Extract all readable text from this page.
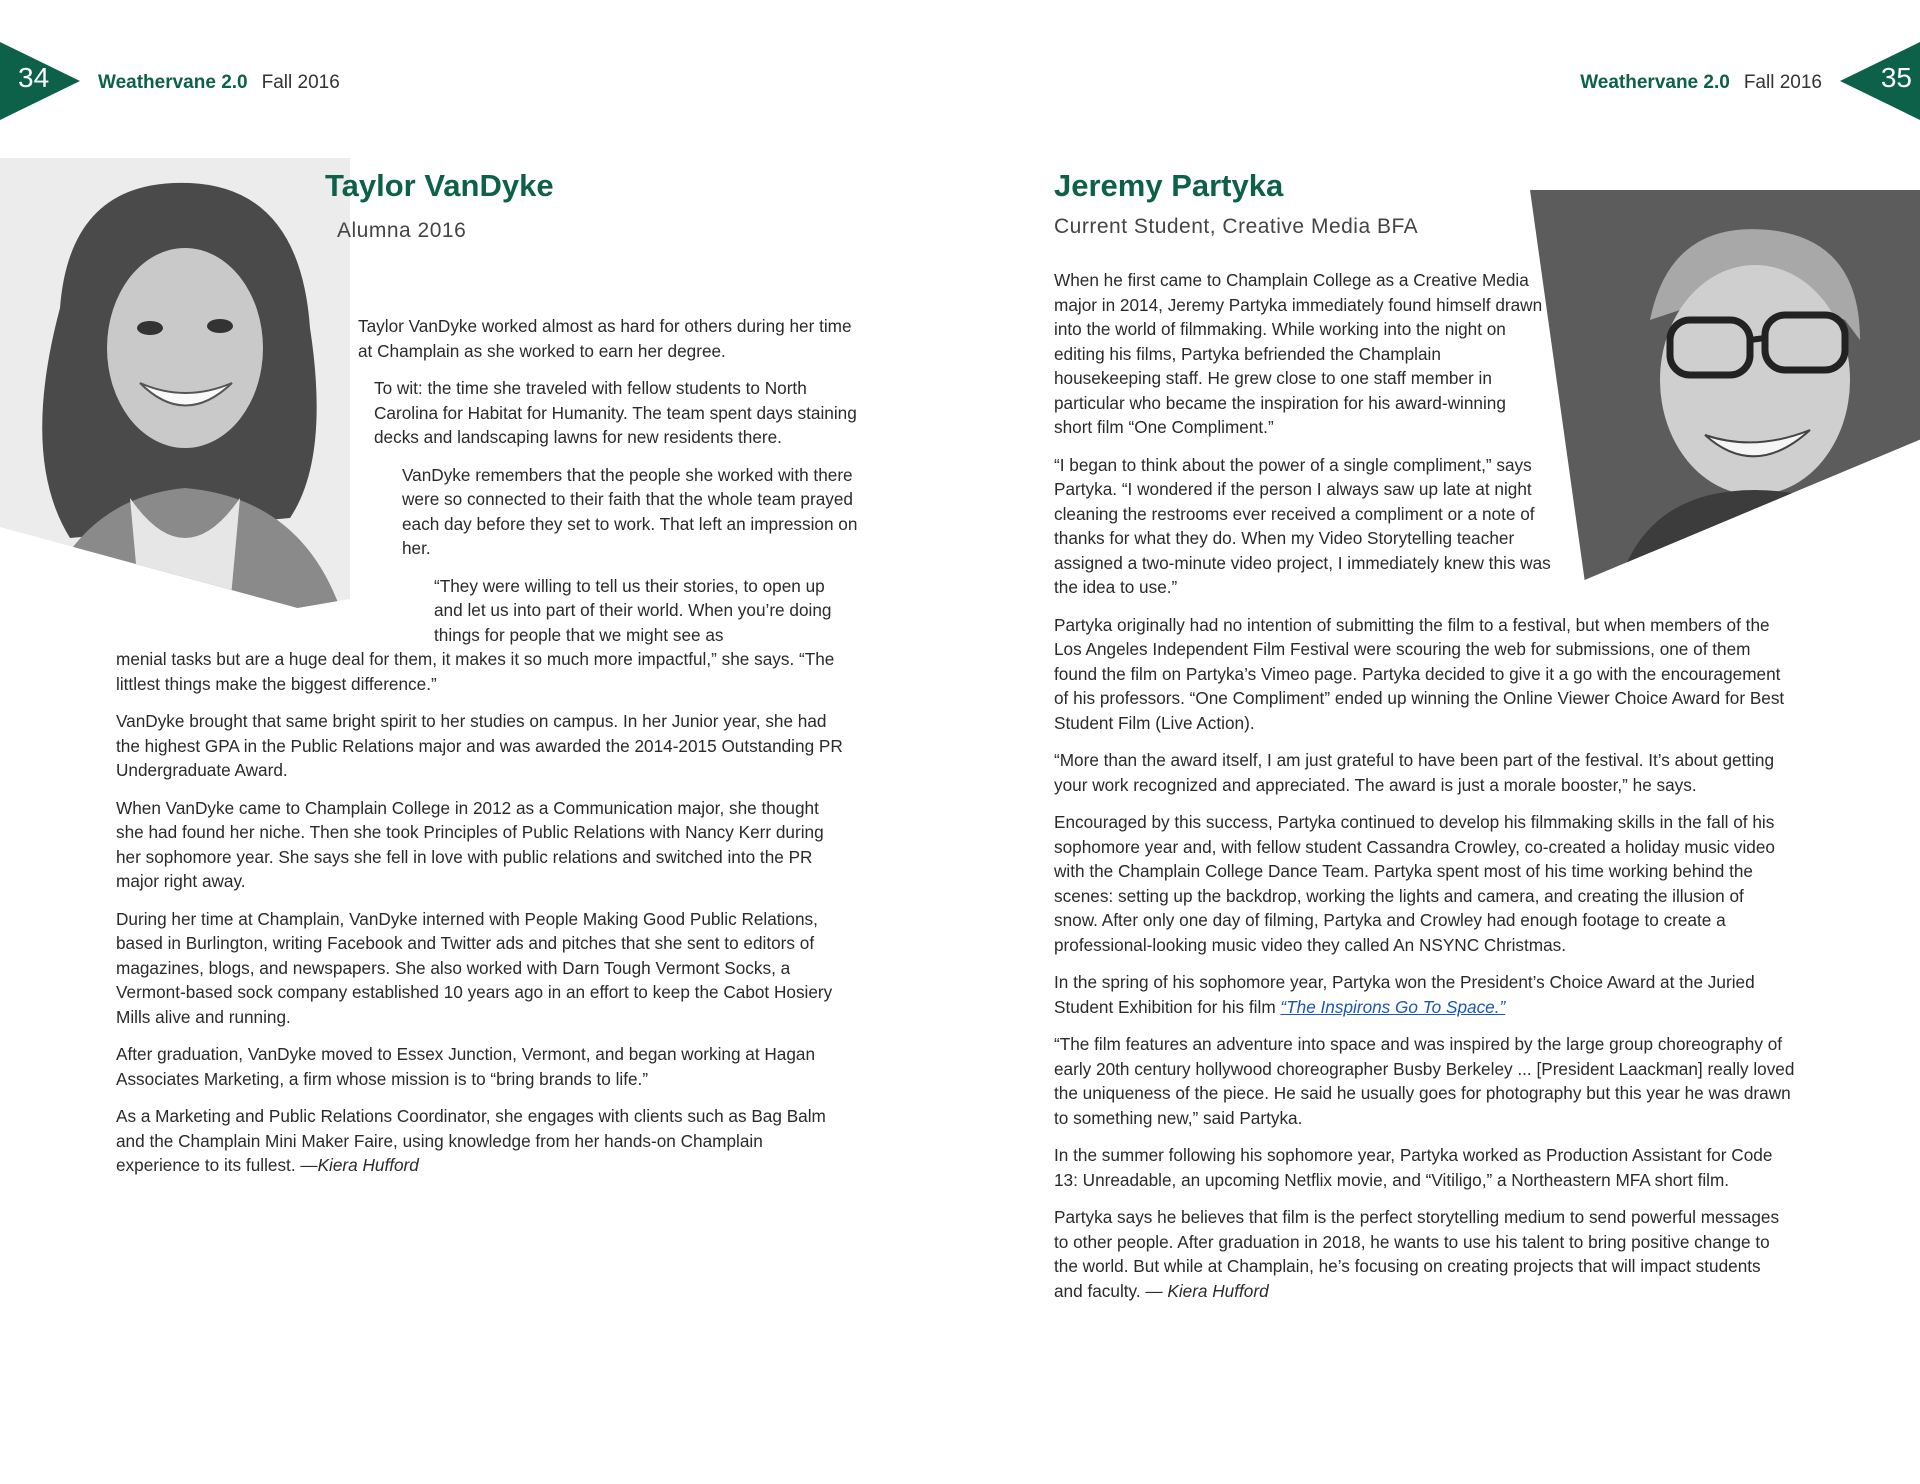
34	Weathervane 2.0 Fall 2016
Taylor VanDyke
Alumna 2016

Taylor VanDyke worked almost as hard for others during her time at Champlain as she worked to earn her degree.

To wit: the time she traveled with fellow students to North Carolina for Habitat for Humanity. The team spent days staining decks and landscaping lawns for new residents there.

VanDyke remembers that the people she worked with there were so connected to their faith that the whole team prayed each day before they set to work. That left an impression on her.

“They were willing to tell us their stories, to open up and let us into part of their world. When you’re doing things for people that we might see as
menial tasks but are a huge deal for them, it makes it so much more impactful,” she says. “The littlest things make the biggest difference.”

VanDyke brought that same bright spirit to her studies on campus. In her Junior year, she had the highest GPA in the Public Relations major and was awarded the 2014-2015 Outstanding PR Undergraduate Award.

When VanDyke came to Champlain College in 2012 as a Communication major, she thought she had found her niche. Then she took Principles of Public Relations with Nancy Kerr during her sophomore year. She says she fell in love with public relations and switched into the PR major right away.

During her time at Champlain, VanDyke interned with People Making Good Public Relations, based in Burlington, writing Facebook and Twitter ads and pitches that she sent to editors of magazines, blogs, and newspapers. She also worked with Darn Tough Vermont Socks, a Vermont-based sock company established 10 years ago in an effort to keep the Cabot Hosiery Mills alive and running.

After graduation, VanDyke moved to Essex Junction, Vermont, and began working at Hagan Associates Marketing, a firm whose mission is to “bring brands to life.”

As a Marketing and Public Relations Coordinator, she engages with clients such as Bag Balm and the Champlain Mini Maker Faire, using knowledge from her hands-on Champlain experience to its fullest. —Kiera Hufford

35
Weathervane 2.0 Fall 2016
Jeremy Partyka
Current Student, Creative Media BFA

When he first came to Champlain College as a Creative Media major in 2014, Jeremy Partyka immediately found himself drawn into the world of filmmaking. While working into the night on editing his films, Partyka befriended the Champlain housekeeping staff. He grew close to one staff member in particular who became the inspiration for his award-winning short film “One Compliment.”

“I began to think about the power of a single compliment,” says Partyka. “I wondered if the person I always saw up late at night cleaning the restrooms ever received a compliment or a note of thanks for what they do. When my Video Storytelling teacher assigned a two-minute video project, I immediately knew this was the idea to use.”

Partyka originally had no intention of submitting the film to a festival, but when members of the Los Angeles Independent Film Festival were scouring the web for submissions, one of them found the film on Partyka’s Vimeo page. Partyka decided to give it a go with the encouragement of his professors. “One Compliment” ended up winning the Online Viewer Choice Award for Best Student Film (Live Action).

“More than the award itself, I am just grateful to have been part of the festival. It’s about getting your work recognized and appreciated. The award is just a morale booster,” he says.

Encouraged by this success, Partyka continued to develop his filmmaking skills in the fall of his sophomore year and, with fellow student Cassandra Crowley, co-created a holiday music video with the Champlain College Dance Team. Partyka spent most of his time working behind the scenes: setting up the backdrop, working the lights and camera, and creating the illusion of snow. After only one day of filming, Partyka and Crowley had enough footage to create a professional-looking music video they called An NSYNC Christmas.

In the spring of his sophomore year, Partyka won the President’s Choice Award at the Juried Student Exhibition for his film “The Inspirons Go To Space.”

“The film features an adventure into space and was inspired by the large group choreography of early 20th century hollywood choreographer Busby Berkeley ... [President Laackman] really loved the uniqueness of the piece. He said he usually goes for photography but this year he was drawn to something new,” said Partyka.

In the summer following his sophomore year, Partyka worked as Production Assistant for Code 13: Unreadable, an upcoming Netflix movie, and “Vitiligo,” a Northeastern MFA short film.

Partyka says he believes that film is the perfect storytelling medium to send powerful messages to other people. After graduation in 2018, he wants to use his talent to bring positive change to the world. But while at Champlain, he’s focusing on creating projects that will impact students and faculty. — Kiera Hufford
